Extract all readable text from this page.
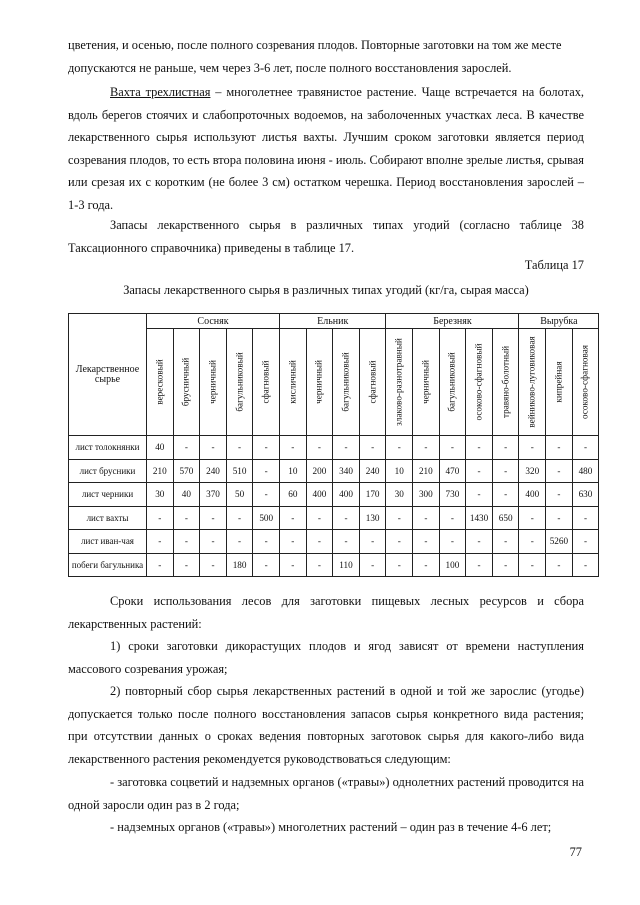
цветения, и осенью, после полного созревания плодов. Повторные заготовки на том же месте
допускаются не раньше, чем через 3-6 лет, после полного восстановления зарослей.

Вахта трехлистная – многолетнее травянистое растение. Чаще встречается на болотах, вдоль берегов стоячих и слабопроточных водоемов, на заболоченных участках леса. В качестве лекарственного сырья используют листья вахты. Лучшим сроком заготовки является период созревания плодов, то есть втора половина июня - июль. Собирают вполне зрелые листья, срывая или срезая их с коротким (не более 3 см) остатком черешка. Период восстановления зарослей – 1-3 года.

Запасы лекарственного сырья в различных типах угодий (согласно таблице 38 Таксационного справочника) приведены в таблице 17.

Таблица 17
Запасы лекарственного сырья в различных типах угодий (кг/га, сырая масса)
Лекарственное сырье	Сосняк					Ельник				Березняк					Вырубка		

	вересковый	брусничный	черничный	багульниковый	сфагновый	кисличный	черничный	багульниковый	сфагновый	злаково-разнотравный	черничный	багульниковый	осоково-сфагновый	травяно-болотный	вейниково-луговиковая	кипрейная	осоково-сфагновая

лист толокнянки	40	-	-	-	-	-	-	-	-	-	-	-	-	-	-	-	-
лист брусники	210	570	240	510	-	10	200	340	240	10	210	470	-	-	320	-	480
лист черники	30	40	370	50	-	60	400	400	170	30	300	730	-	-	400	-	630
лист вахты	-	-	-	-	500	-	-	-	130	-	-	-	1430	650	-	-	-
лист иван-чая	-	-	-	-	-	-	-	-	-	-	-	-	-	-	-	5260	-
побеги багульника	-	-	-	180	-	-	-	110	-	-	-	100	-	-	-	-	-

Сроки использования лесов для заготовки пищевых лесных ресурсов и сбора лекарственных растений:

1) сроки заготовки дикорастущих плодов и ягод зависят от времени наступления массового созревания урожая;

2) повторный сбор сырья лекарственных растений в одной и той же зарослис (угодье) допускается только после полного восстановления запасов сырья конкретного вида растения; при отсутствии данных о сроках ведения повторных заготовок сырья для какого-либо вида лекарственного растения рекомендуется руководствоваться следующим:

- заготовка соцветий и надземных органов («травы») однолетних растений проводится на одной заросли один раз в 2 года;

- надземных органов («травы») многолетних растений – один раз в течение 4-6 лет;

77
